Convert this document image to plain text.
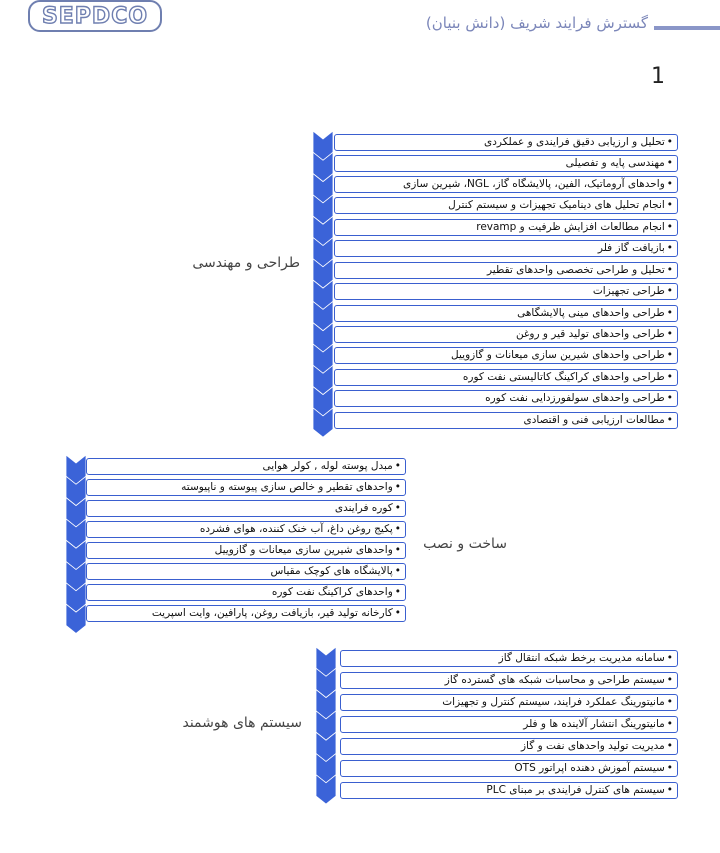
SEPDCO	گسترش فرایند شریف (دانش بنیان)
1
طراحی و مهندسی
•تحلیل و ارزیابی دقیق فرایندی و عملکردی
•مهندسی پایه و تفصیلی
•واحدهای آروماتیک، الفین، پالایشگاه گاز، NGL، شیرین سازی
•انجام تحلیل های دینامیک تجهیزات و سیستم کنترل
•انجام مطالعات افزایش ظرفیت و revamp
•بازیافت گاز فلر
•تحلیل و طراحی تخصصی واحدهای تقطیر
•طراحی تجهیزات
•طراحی واحدهای مینی پالایشگاهی
•طراحی واحدهای تولید قیر و روغن
•طراحی واحدهای شیرین سازی میعانات و گازوییل
•طراحی واحدهای کراکینگ کاتالیستی نفت کوره
•طراحی واحدهای سولفورزدایی نفت کوره
•مطالعات ارزیابی فنی و اقتصادی
ساخت و نصب
•مبدل پوسته لوله , کولر هوایی
•واحدهای تقطیر و خالص سازی پیوسته و ناپیوسته
•کوره فرایندی
•پکیج روغن داغ، آب خنک کننده، هوای فشرده
•واحدهای شیرین سازی میعانات و گازوییل
•پالایشگاه های کوچک مقیاس
•واحدهای کراکینگ نفت کوره
•کارخانه تولید قیر، بازیافت روغن، پارافین، وایت اسپریت
سیستم های هوشمند
•سامانه مدیریت برخط شبکه انتقال گاز
•سیستم طراحی و محاسبات شبکه های گسترده گاز
•مانیتورینگ عملکرد فرایند، سیستم کنترل و تجهیزات
•مانیتورینگ انتشار آلاینده ها و فلر
•مدیریت تولید واحدهای نفت و گاز
•سیستم آموزش دهنده اپراتور OTS
•سیستم های کنترل فرایندی بر مبنای PLC
